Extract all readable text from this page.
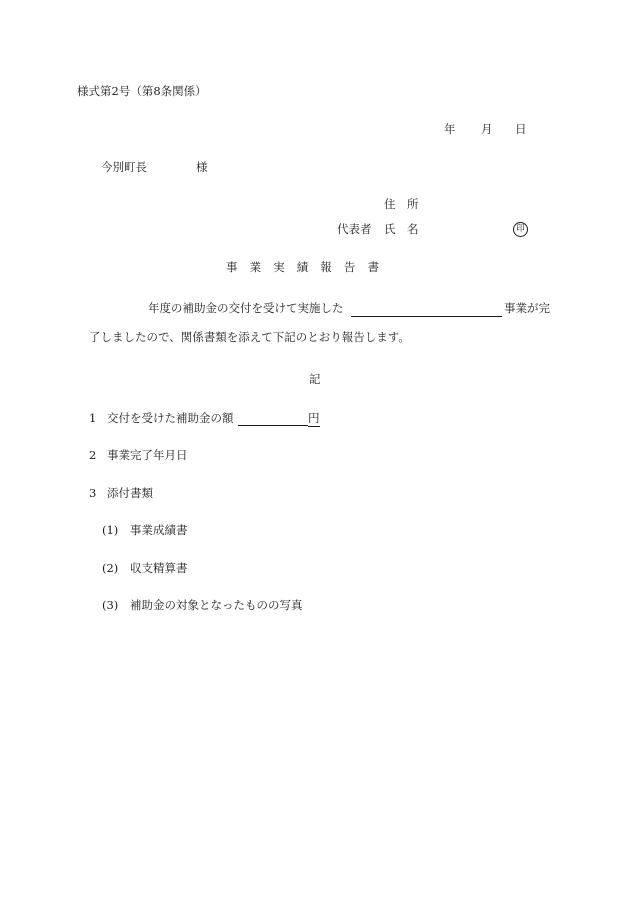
様式第2号（第8条関係）
年 月 日
今別町長	様
住　所
代表者 氏　名	印
事業実績報告書
年度の補助金の交付を受けて実施した	事業が完
了しましたので、関係書類を添えて下記のとおり報告します。
記
1 交付を受けた補助金の額	円
2 事業完了年月日
3 添付書類
(1) 事業成績書
(2) 収支精算書
(3) 補助金の対象となったものの写真
